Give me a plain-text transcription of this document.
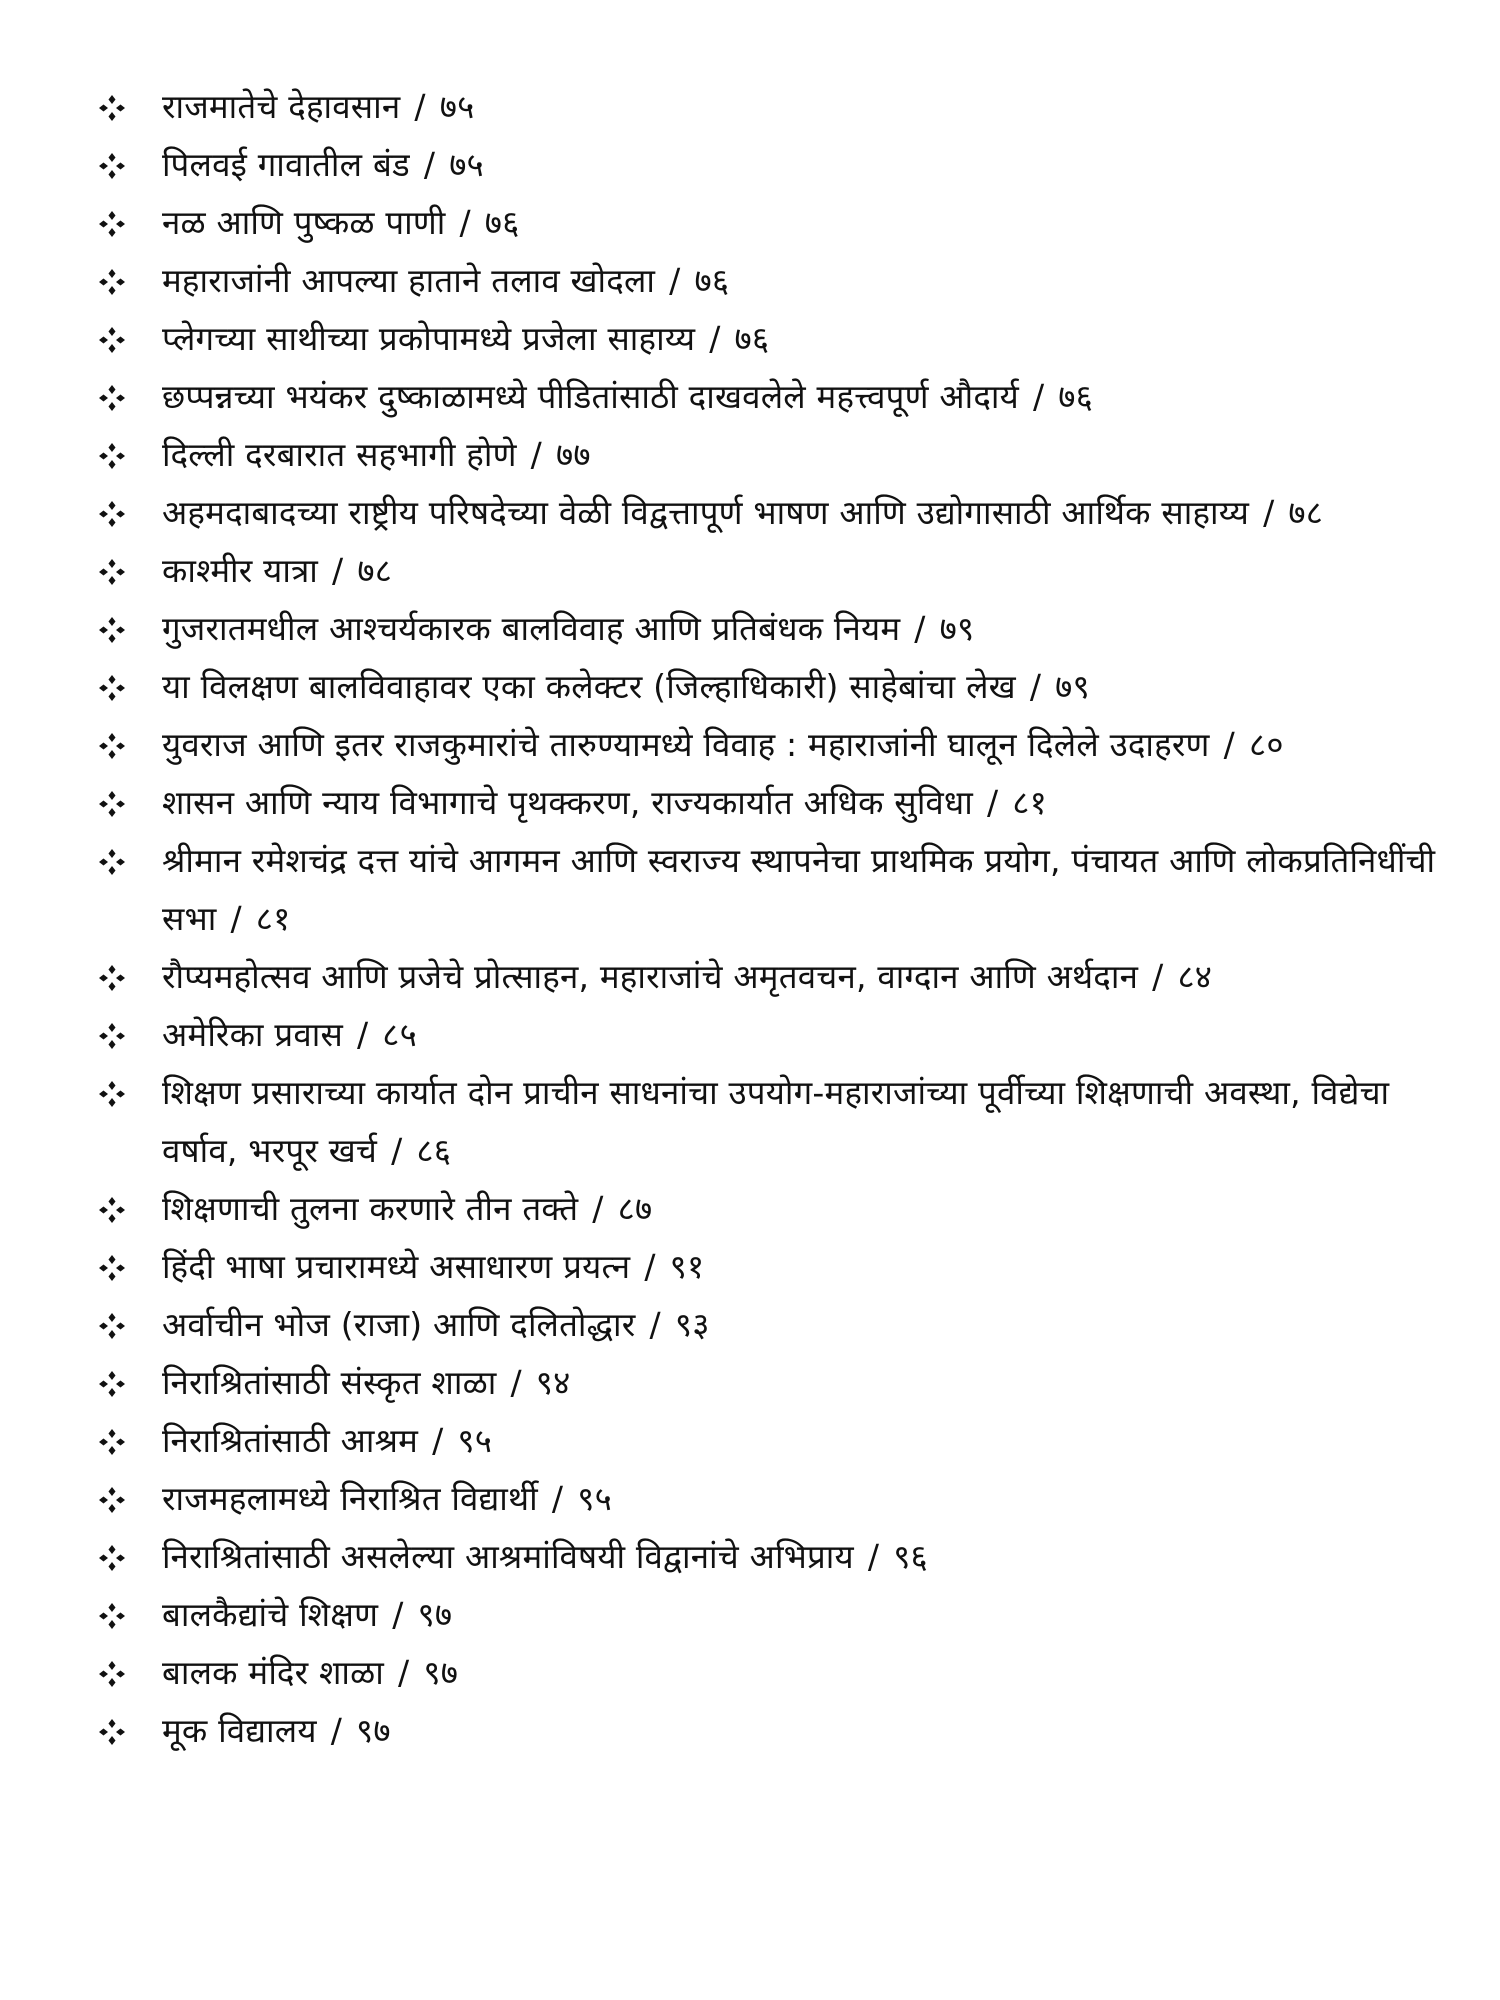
राजमातेचे देहावसान / ७५
पिलवई गावातील बंड / ७५
नळ आणि पुष्कळ पाणी / ७६
महाराजांनी आपल्या हाताने तलाव खोदला / ७६
प्लेगच्या साथीच्या प्रकोपामध्ये प्रजेला साहाय्य / ७६
छप्पन्नच्या भयंकर दुष्काळामध्ये पीडितांसाठी दाखवलेले महत्त्वपूर्ण औदार्य / ७६
दिल्ली दरबारात सहभागी होणे / ७७
अहमदाबादच्या राष्ट्रीय परिषदेच्या वेळी विद्वत्तापूर्ण भाषण आणि उद्योगासाठी आर्थिक साहाय्य / ७८
काश्मीर यात्रा / ७८
गुजरातमधील आश्चर्यकारक बालविवाह आणि प्रतिबंधक नियम / ७९
या विलक्षण बालविवाहावर एका कलेक्टर (जिल्हाधिकारी) साहेबांचा लेख / ७९
युवराज आणि इतर राजकुमारांचे तारुण्यामध्ये विवाह : महाराजांनी घालून दिलेले उदाहरण / ८०
शासन आणि न्याय विभागाचे पृथक्करण, राज्यकार्यात अधिक सुविधा / ८१
श्रीमान रमेशचंद्र दत्त यांचे आगमन आणि स्वराज्य स्थापनेचा प्राथमिक प्रयोग, पंचायत आणि लोकप्रतिनिधींची सभा / ८१
रौप्यमहोत्सव आणि प्रजेचे प्रोत्साहन, महाराजांचे अमृतवचन, वाग्दान आणि अर्थदान / ८४
अमेरिका प्रवास / ८५
शिक्षण प्रसाराच्या कार्यात दोन प्राचीन साधनांचा उपयोग-महाराजांच्या पूर्वीच्या शिक्षणाची अवस्था, विद्येचा वर्षाव, भरपूर खर्च / ८६
शिक्षणाची तुलना करणारे तीन तक्ते / ८७
हिंदी भाषा प्रचारामध्ये असाधारण प्रयत्न / ९१
अर्वाचीन भोज (राजा) आणि दलितोद्धार / ९३
निराश्रितांसाठी संस्कृत शाळा / ९४
निराश्रितांसाठी आश्रम / ९५
राजमहलामध्ये निराश्रित विद्यार्थी / ९५
निराश्रितांसाठी असलेल्या आश्रमांविषयी विद्वानांचे अभिप्राय / ९६
बालकैद्यांचे शिक्षण / ९७
बालक मंदिर शाळा / ९७
मूक विद्यालय / ९७
